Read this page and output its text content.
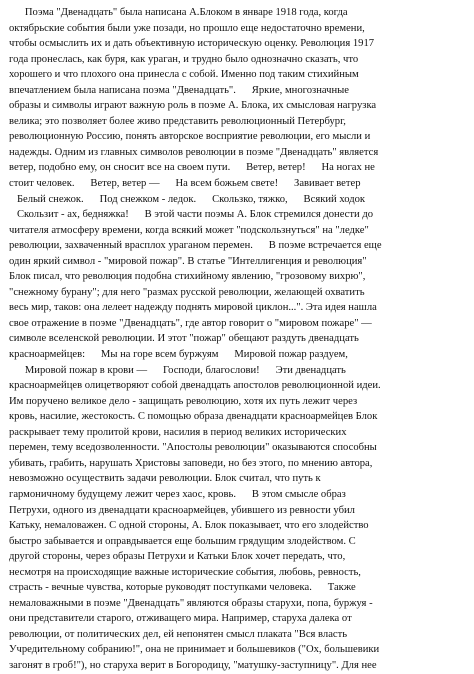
Поэма "Двенадцать" была написана А.Блоком в январе 1918 года, когда
октябрьские события были уже позади, но прошло еще недостаточно времени,
чтобы осмыслить их и дать объективную историческую оценку. Революция 1917
года пронеслась, как буря, как ураган, и трудно было однозначно сказать, что
хорошего и что плохого она принесла с собой. Именно под таким стихийным
впечатлением была написана поэма "Двенадцать".      Яркие, многозначные
образы и символы играют важную роль в поэме А. Блока, их смысловая нагрузка
велика; это позволяет более живо представить революционный Петербург,
революционную Россию, понять авторское восприятие революции, его мысли и
надежды. Одним из главных символов революции в поэме "Двенадцать" является
ветер, подобно ему, он сносит все на своем пути.      Ветер, ветер!      На ногах не
стоит человек.      Ветер, ветер —      На всем божьем свете!      Завивает ветер
Белый снежок.      Под снежком - ледок.      Скользко, тяжко,      Всякий ходок
Скользит - ах, бедняжка!      В этой части поэмы А. Блок стремился донести до
читателя атмосферу времени, когда всякий может "подскользнуться" на "ледке"
революции, захваченный врасплох ураганом перемен.      В поэме встречается еще
один яркий символ - "мировой пожар". В статье "Интеллигенция и революция"
Блок писал, что революция подобна стихийному явлению, "грозовому вихрю",
"снежному бурану"; для него "размах русской революции, желающей охватить
весь мир, таков: она лелеет надежду поднять мировой циклон...". Эта идея нашла
свое отражение в поэме "Двенадцать", где автор говорит о "мировом пожаре" —
символе вселенской революции. И этот "пожар" обещают раздуть двенадцать
красноармейцев:      Мы на горе всем буржуям      Мировой пожар раздуем,
Мировой пожар в крови —      Господи, благослови!      Эти двенадцать
красноармейцев олицетворяют собой двенадцать апостолов революционной идеи.
Им поручено великое дело - защищать революцию, хотя их путь лежит через
кровь, насилие, жестокость. С помощью образа двенадцати красноармейцев Блок
раскрывает тему пролитой крови, насилия в период великих исторических
перемен, тему вседозволенности. "Апостолы революции" оказываются способны
убивать, грабить, нарушать Христовы заповеди, но без этого, по мнению автора,
невозможно осуществить задачи революции. Блок считал, что путь к
гармоничному будущему лежит через хаос, кровь.      В этом смысле образ
Петрухи, одного из двенадцати красноармейцев, убившего из ревности убил
Катьку, немаловажен. С одной стороны, А. Блок показывает, что его злодейство
быстро забывается и оправдывается еще большим грядущим злодейством. С
другой стороны, через образы Петрухи и Катьки Блок хочет передать, что,
несмотря на происходящие важные исторические события, любовь, ревность,
страсть - вечные чувства, которые руководят поступками человека.      Также
немаловажными в поэме "Двенадцать" являются образы старухи, попа, буржуя -
они представители старого, отживащего мира. Например, старуха далека от
революции, от политических дел, ей непонятен смысл плаката "Вся власть
Учредительному собранию!", она не принимает и большевиков ("Ох, большевики
загонят в гроб!"), но старуха верит в Богородицу, "матушку-заступницу". Для нее
